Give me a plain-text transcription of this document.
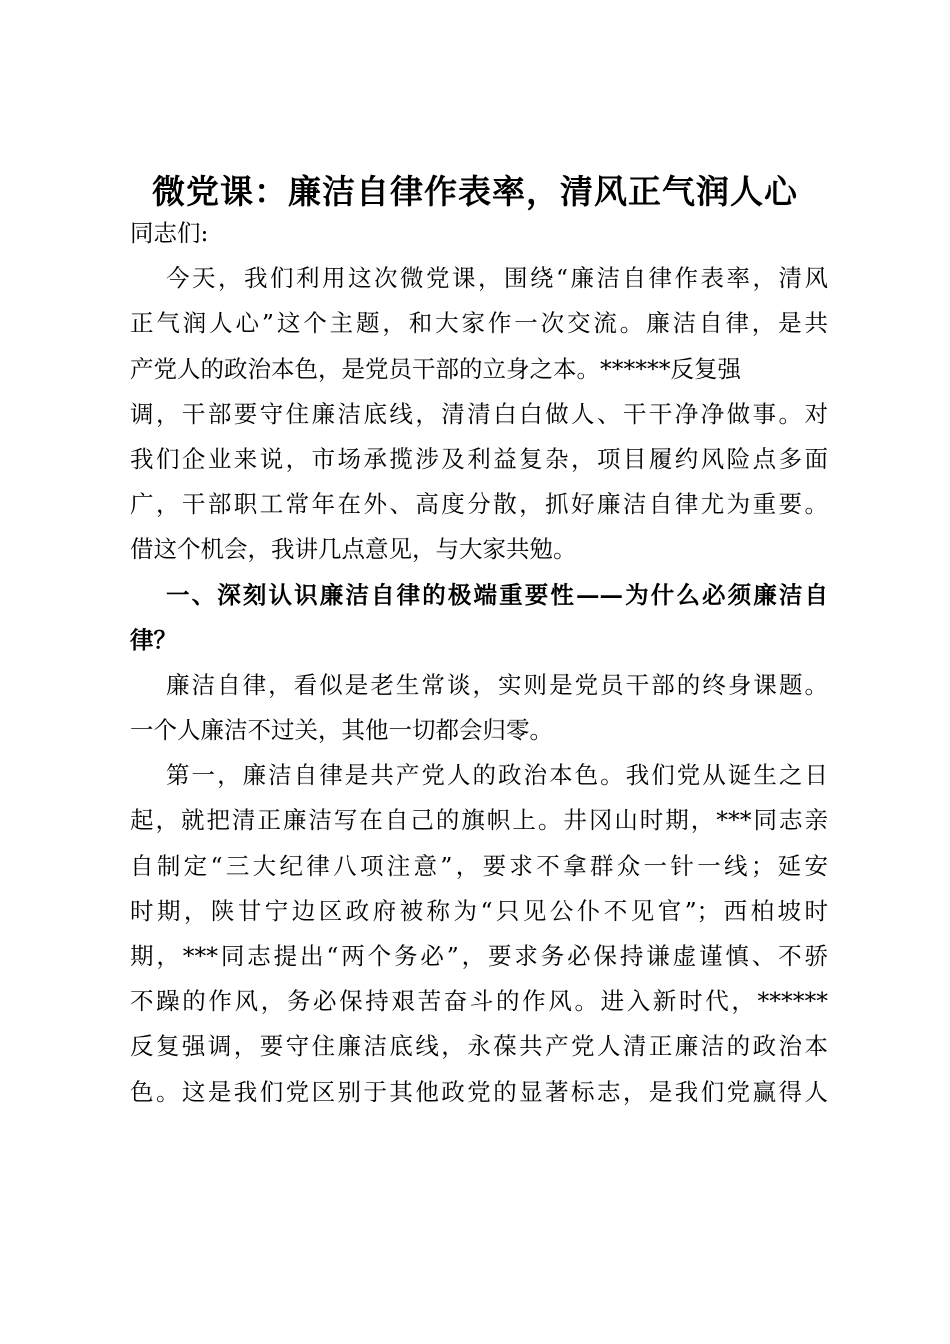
微党课：廉洁自律作表率，清风正气润人心
同志们:
今天，我们利用这次微党课，围绕“廉洁自律作表率，清风
正气润人心”这个主题，和大家作一次交流。廉洁自律，是共
产党人的政治本色，是党员干部的立身之本。******反复强
调，干部要守住廉洁底线，清清白白做人、干干净净做事。对
我们企业来说，市场承揽涉及利益复杂，项目履约风险点多面
广，干部职工常年在外、高度分散，抓好廉洁自律尤为重要。
借这个机会，我讲几点意见，与大家共勉。
一、深刻认识廉洁自律的极端重要性——为什么必须廉洁自
律？
廉洁自律，看似是老生常谈，实则是党员干部的终身课题。
一个人廉洁不过关，其他一切都会归零。
第一，廉洁自律是共产党人的政治本色。我们党从诞生之日
起，就把清正廉洁写在自己的旗帜上。井冈山时期，***同志亲
自制定“三大纪律八项注意”，要求不拿群众一针一线；延安
时期，陕甘宁边区政府被称为“只见公仆不见官”；西柏坡时
期，***同志提出“两个务必”，要求务必保持谦虚谨慎、不骄
不躁的作风，务必保持艰苦奋斗的作风。进入新时代，******
反复强调，要守住廉洁底线，永葆共产党人清正廉洁的政治本
色。这是我们党区别于其他政党的显著标志，是我们党赢得人
